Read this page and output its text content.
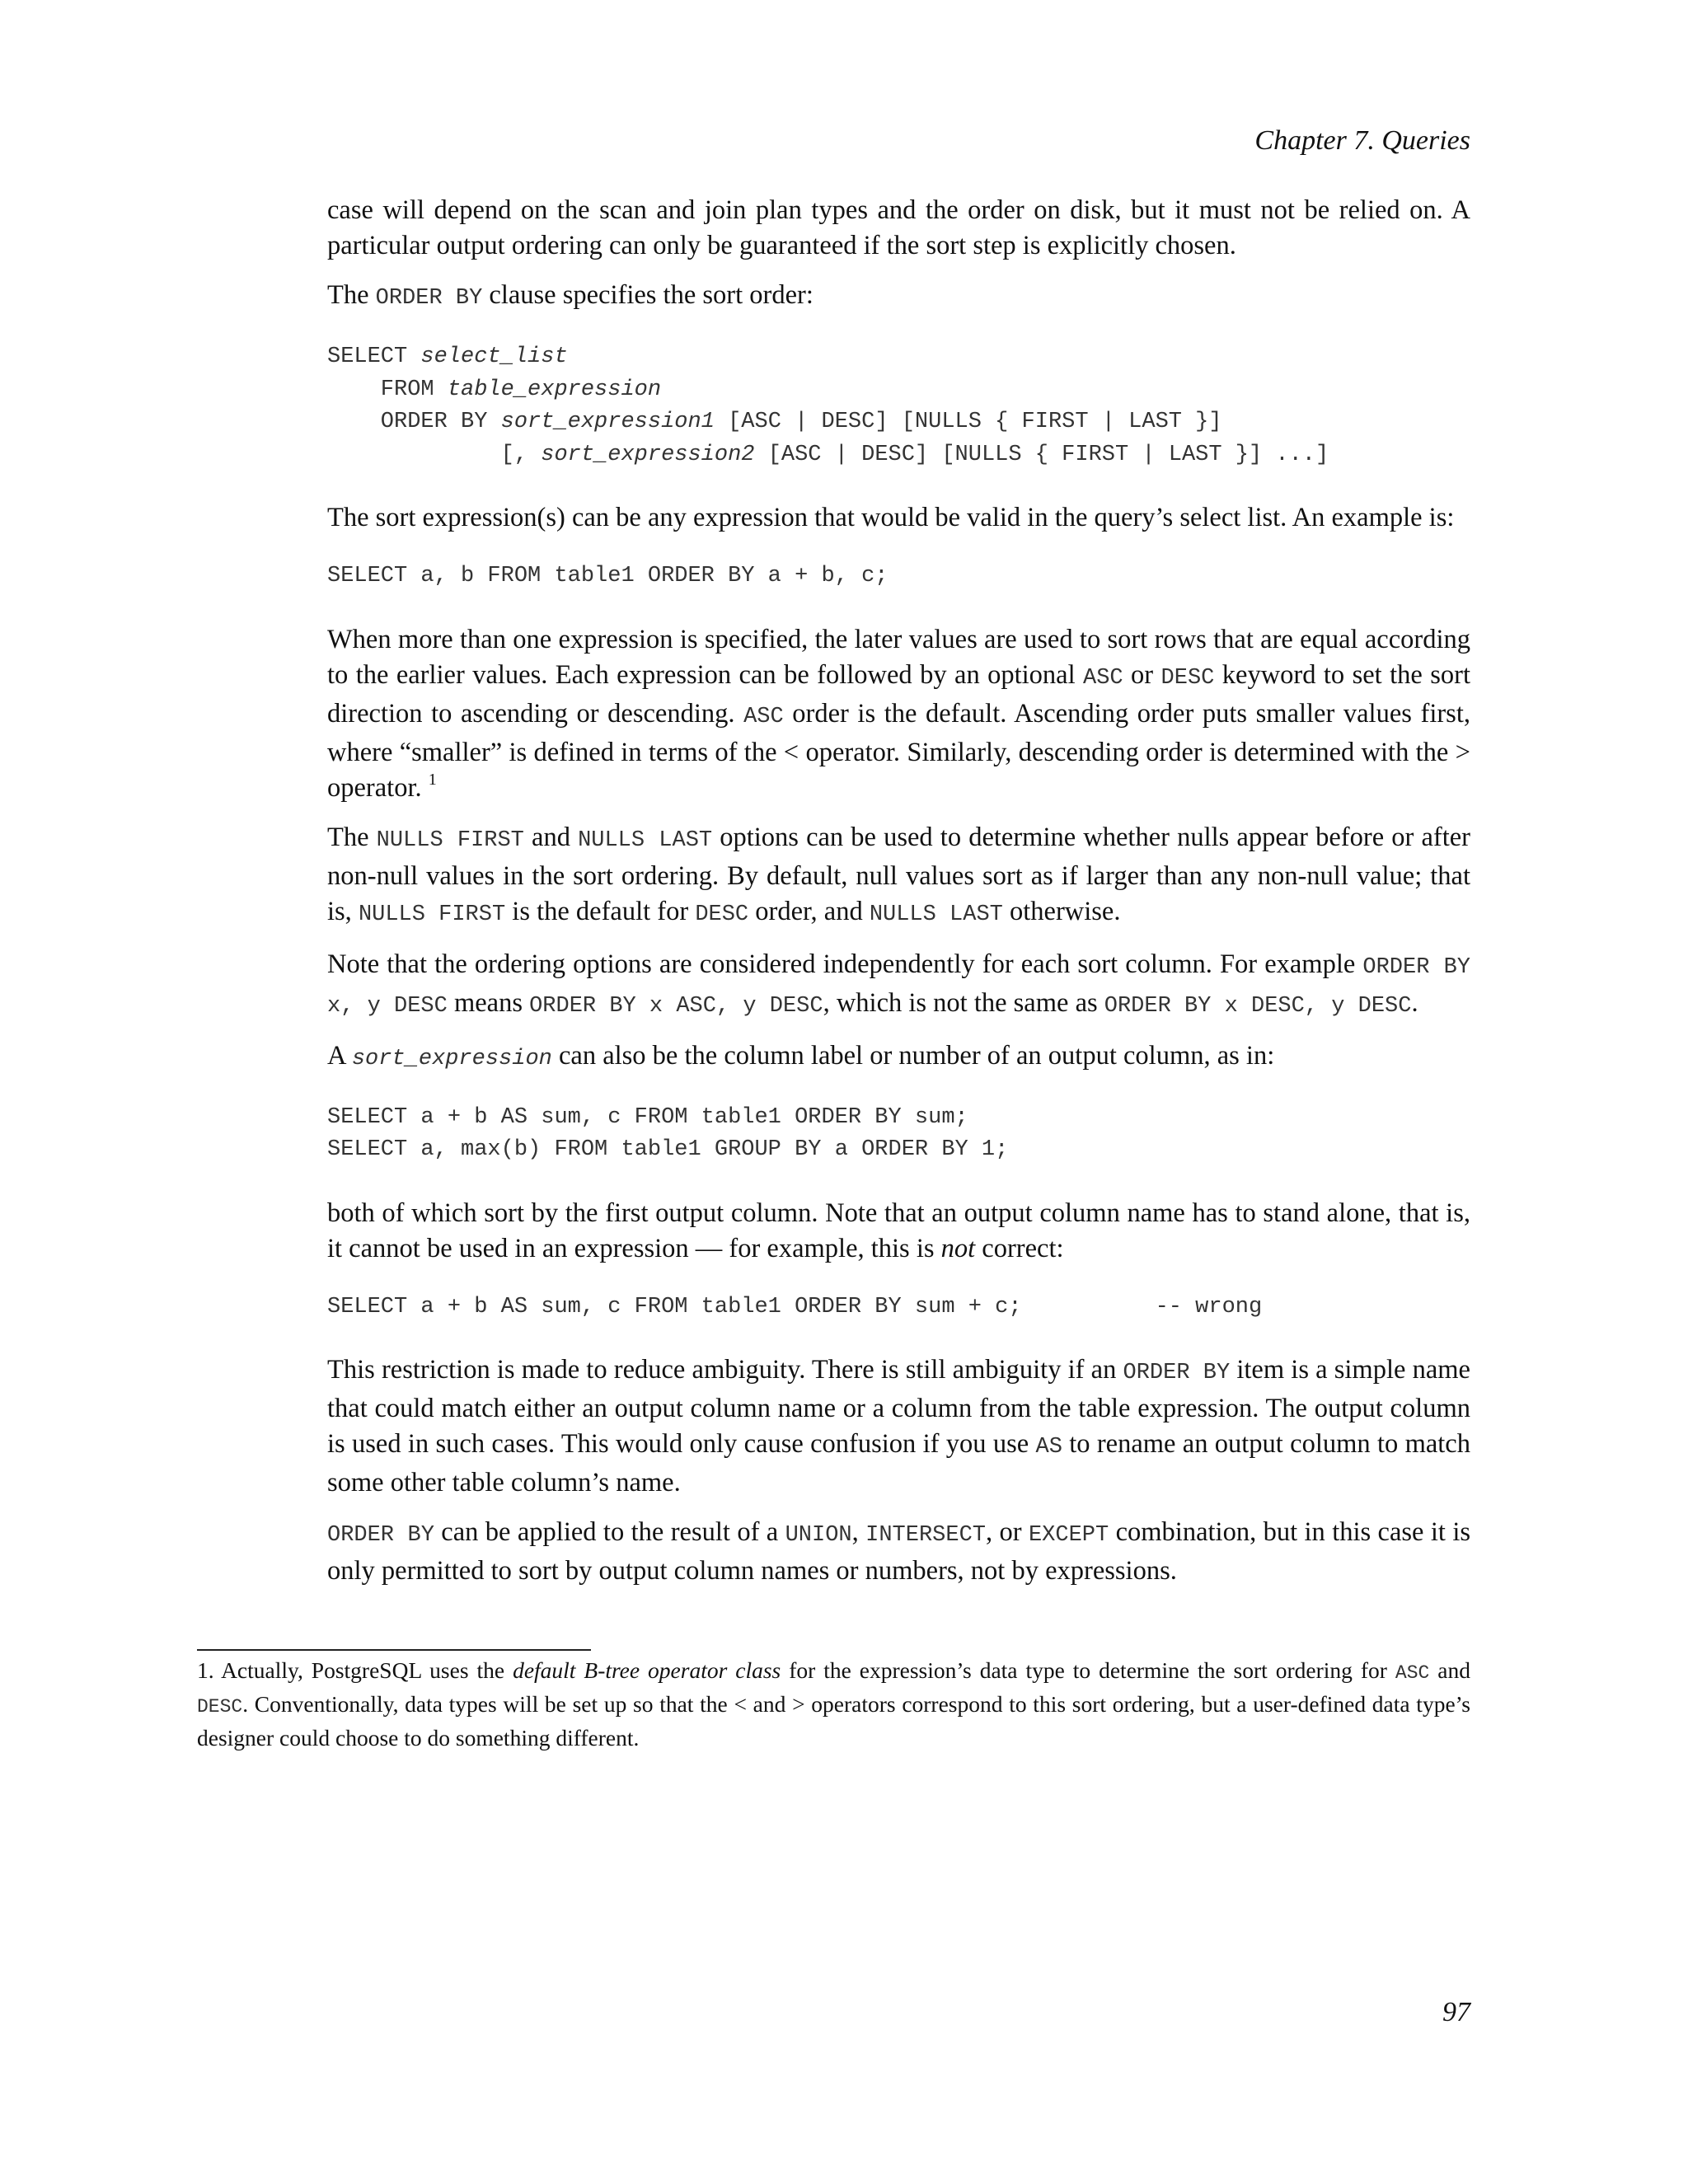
Chapter 7. Queries

case will depend on the scan and join plan types and the order on disk, but it must not be relied on. A particular output ordering can only be guaranteed if the sort step is explicitly chosen.

The ORDER BY clause specifies the sort order:

SELECT select_list
FROM table_expression
ORDER BY sort_expression1 [ASC | DESC] [NULLS { FIRST | LAST }]
[, sort_expression2 [ASC | DESC] [NULLS { FIRST | LAST }] ...]

The sort expression(s) can be any expression that would be valid in the query’s select list. An example is:

SELECT a, b FROM table1 ORDER BY a + b, c;

When more than one expression is specified, the later values are used to sort rows that are equal according to the earlier values. Each expression can be followed by an optional ASC or DESC keyword to set the sort direction to ascending or descending. ASC order is the default. Ascending order puts smaller values first, where “smaller” is defined in terms of the < operator. Similarly, descending order is determined with the > operator. $^1$

The NULLS FIRST and NULLS LAST options can be used to determine whether nulls appear before or after non-null values in the sort ordering. By default, null values sort as if larger than any non-null value; that is, NULLS FIRST is the default for DESC order, and NULLS LAST otherwise.

Note that the ordering options are considered independently for each sort column. For example ORDER BY x, y DESC means ORDER BY x ASC, y DESC, which is not the same as ORDER BY x DESC, y DESC.

A sort_expression can also be the column label or number of an output column, as in:

SELECT a + b AS sum, c FROM table1 ORDER BY sum;
SELECT a, max(b) FROM table1 GROUP BY a ORDER BY 1;

both of which sort by the first output column. Note that an output column name has to stand alone, that is, it cannot be used in an expression — for example, this is not correct:

SELECT a + b AS sum, c FROM table1 ORDER BY sum + c;          -- wrong

This restriction is made to reduce ambiguity. There is still ambiguity if an ORDER BY item is a simple name that could match either an output column name or a column from the table expression. The output column is used in such cases. This would only cause confusion if you use AS to rename an output column to match some other table column’s name.

ORDER BY can be applied to the result of a UNION, INTERSECT, or EXCEPT combination, but in this case it is only permitted to sort by output column names or numbers, not by expressions.

1. Actually, PostgreSQL uses the default B-tree operator class for the expression’s data type to determine the sort ordering for ASC and DESC. Conventionally, data types will be set up so that the < and > operators correspond to this sort ordering, but a user-defined data type’s designer could choose to do something different.
97
